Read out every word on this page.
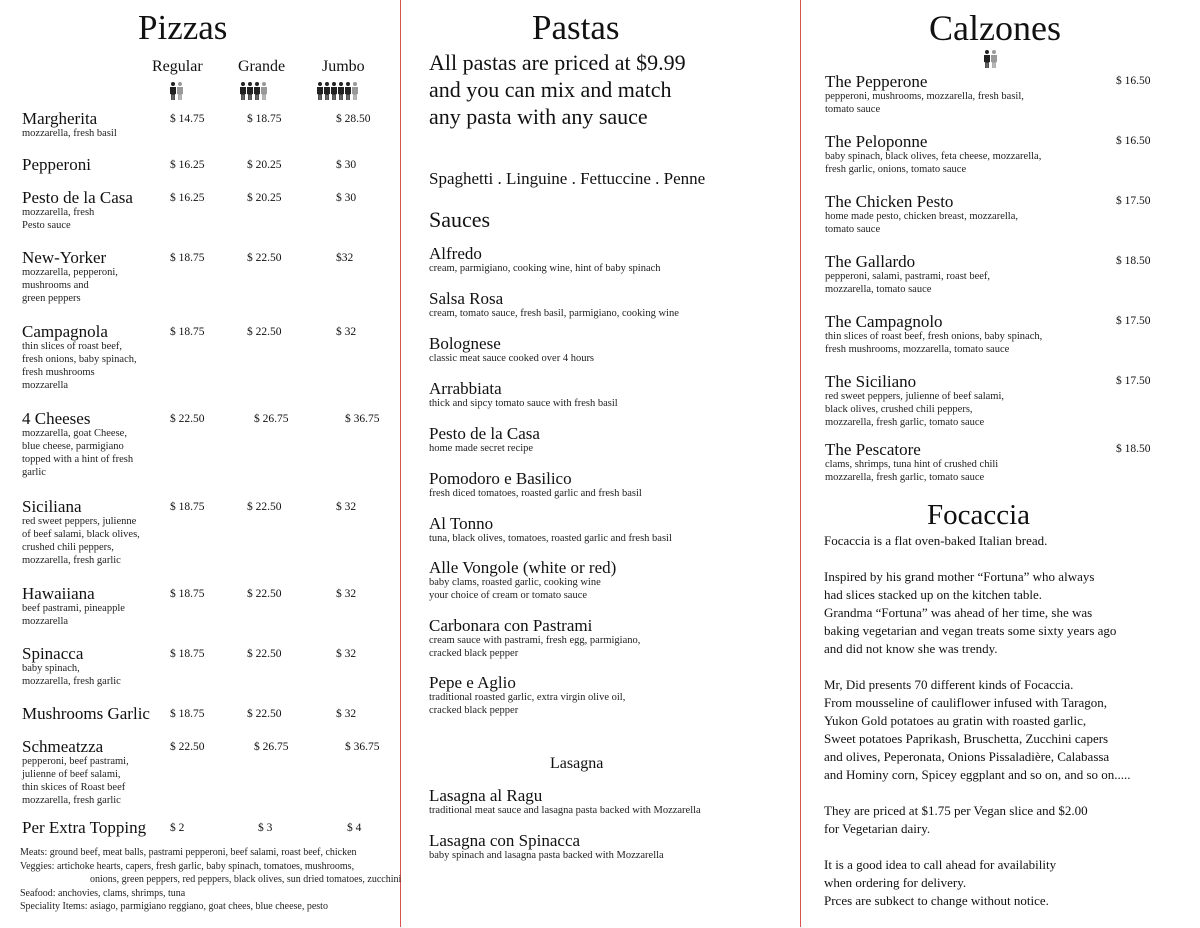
Pizzas
Regular Grande Jumbo
Margherita
mozzarella, fresh basil
$ 14.75	$ 18.75	$ 28.50
Pepperoni	$ 16.25	$ 20.25	$ 30
Pesto de la Casa
mozzarella, fresh
Pesto sauce
$ 16.25	$ 20.25	$ 30
New-Yorker
mozzarella, pepperoni,
mushrooms and
green peppers
$ 18.75	$ 22.50	$32
Campagnola
thin slices of roast beef,
fresh onions, baby spinach,
fresh mushrooms
mozzarella
$ 18.75	$ 22.50	$ 32
4 Cheeses
mozzarella, goat Cheese,
blue cheese, parmigiano
topped with a hint of fresh
garlic
$ 22.50	$ 26.75	$ 36.75
Siciliana
red sweet peppers, julienne
of beef salami, black olives,
crushed chili peppers,
mozzarella, fresh garlic
$ 18.75	$ 22.50	$ 32
Hawaiiana
beef pastrami, pineapple
mozzarella
$ 18.75	$ 22.50	$ 32
Spinacca
baby spinach,
mozzarella, fresh garlic
$ 18.75	$ 22.50	$ 32
Mushrooms Garlic $ 18.75	$ 22.50	$ 32
Schmeatzza
pepperoni, beef pastrami,
julienne of beef salami,
thin skices of Roast beef
mozzarella, fresh garlic
$ 22.50	$ 26.75	$ 36.75
Per Extra Topping $ 2	$ 3	$ 4
Meats: ground beef, meat balls, pastrami pepperoni, beef salami, roast beef, chicken
Veggies: artichoke hearts, capers, fresh garlic, baby spinach, tomatoes, mushrooms,
onions, green peppers, red peppers, black olives, sun dried tomatoes, zucchini
Seafood: anchovies, clams, shrimps, tuna
Speciality Items: asiago, parmigiano reggiano, goat chees, blue cheese, pesto
Pastas
All pastas are priced at $9.99
and you can mix and match
any pasta with any sauce
Spaghetti . Linguine . Fettuccine . Penne
Sauces
Alfredo
cream, parmigiano, cooking wine, hint of baby spinach
Salsa Rosa
cream, tomato sauce, fresh basil, parmigiano, cooking wine
Bolognese
classic meat sauce cooked over 4 hours
Arrabbiata
thick and sipcy tomato sauce with fresh basil
Pesto de la Casa
home made secret recipe
Pomodoro e Basilico
fresh diced tomatoes, roasted garlic and fresh basil
Al Tonno
tuna, black olives, tomatoes, roasted garlic and fresh basil
Alle Vongole (white or red)
baby clams, roasted garlic, cooking wine
your choice of cream or tomato sauce
Carbonara con Pastrami
cream sauce with pastrami, fresh egg, parmigiano,
cracked black pepper
Pepe e Aglio
traditional roasted garlic, extra virgin olive oil,
cracked black pepper
Lasagna
Lasagna al Ragu
traditional meat sauce and lasagna pasta backed with Mozzarella
Lasagna con Spinacca
baby spinach and lasagna pasta backed with Mozzarella
Calzones
The Pepperone
pepperoni, mushrooms, mozzarella, fresh basil,
tomato sauce
$ 16.50
The Peloponne
baby spinach, black olives, feta cheese, mozzarella,
fresh garlic, onions, tomato sauce
$ 16.50
The Chicken Pesto
home made pesto, chicken breast, mozzarella,
tomato sauce
$ 17.50
The Gallardo
pepperoni, salami, pastrami, roast beef,
mozzarella, tomato sauce
$ 18.50
The Campagnolo
thin slices of roast beef, fresh onions, baby spinach,
fresh mushrooms, mozzarella, tomato sauce
$ 17.50
The Siciliano
red sweet peppers, julienne of beef salami,
black olives, crushed chili peppers,
mozzarella, fresh garlic, tomato sauce
$ 17.50
The Pescatore
clams, shrimps, tuna hint of crushed chili
mozzarella, fresh garlic, tomato sauce
$ 18.50
Focaccia
Focaccia is a flat oven-baked Italian bread.
Inspired by his grand mother “Fortuna” who always
had slices stacked up on the kitchen table.
Grandma “Fortuna” was ahead of her time, she was
baking vegetarian and vegan treats some sixty years ago
and did not know she was trendy.
Mr, Did presents 70 different kinds of Focaccia.
From mousseline of cauliflower infused with Taragon,
Yukon Gold potatoes au gratin with roasted garlic,
Sweet potatoes Paprikash, Bruschetta, Zucchini capers
and olives, Peperonata, Onions Pissaladière, Calabassa
and Hominy corn, Spicey eggplant and so on, and so on.....
They are priced at $1.75 per Vegan slice and $2.00
for Vegetarian dairy.
It is a good idea to call ahead for availability
when ordering for delivery.
Prces are subkect to change without notice.
